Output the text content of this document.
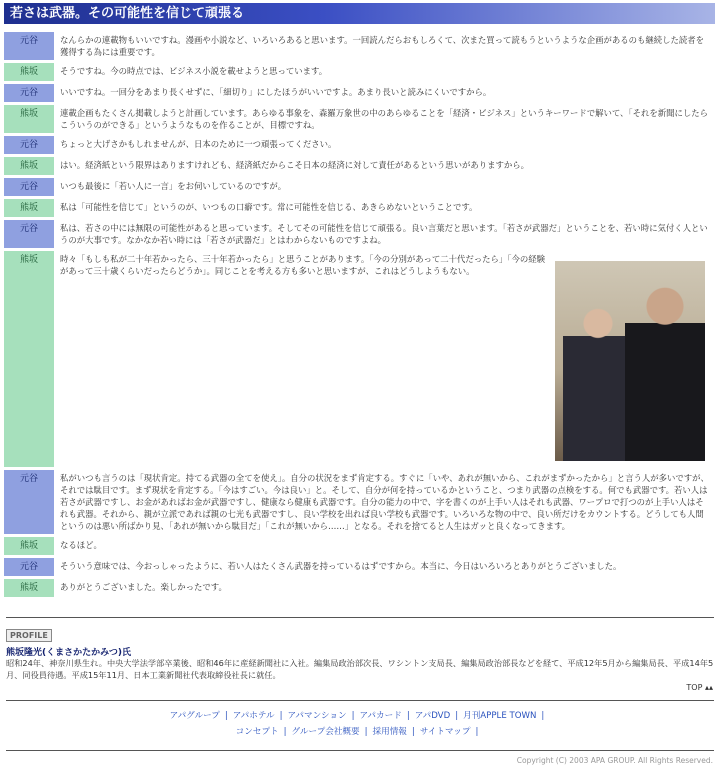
若さは武器。その可能性を信じて頑張る
元谷	なんらかの連載物もいいですね。漫画や小説など、いろいろあると思います。一回読んだらおもしろくて、次また買って読もうというような企画があるのも継続した読者を獲得する為には重要です。
熊坂	そうですね。今の時点では、ビジネス小説を載せようと思っています。
元谷	いいですね。一回分をあまり長くせずに、「細切り」にしたほうがいいですよ。あまり長いと読みにくいですから。
熊坂	連載企画もたくさん掲載しようと計画しています。あらゆる事象を、森羅万象世の中のあらゆることを「経済・ビジネス」というキーワードで解いて、「それを新聞にしたらこういうのができる」というようなものを作ることが、目標ですね。
元谷	ちょっと大げさかもしれませんが、日本のために一つ頑張ってください。
熊坂	はい。経済紙という限界はありますけれども、経済紙だからこそ日本の経済に対して責任があるという思いがありますから。
元谷	いつも最後に「若い人に一言」をお伺いしているのですが。
熊坂	私は「可能性を信じて」というのが、いつもの口癖です。常に可能性を信じる、あきらめないということです。
元谷	私は、若さの中には無限の可能性があると思っています。そしてその可能性を信じて頑張る。良い言葉だと思います。「若さが武器だ」ということを、若い時に気付く人というのが大事です。なかなか若い時には「若さが武器だ」とはわからないものですよね。
熊坂	時々「もしも私が二十年若かったら、三十年若かったら」と思うことがあります。「今の分別があって二十代だったら」「今の経験があって三十歳くらいだったらどうか」。同じことを考える方も多いと思いますが、これはどうしようもない。
元谷	私がいつも言うのは「現状肯定。持てる武器の全てを使え」。自分の状況をまず肯定する。すぐに「いや、あれが無いから、これがまずかったから」と言う人が多いですが、それでは駄目です。まず現状を肯定する。「今はすごい。今は良い」と。そして、自分が何を持っているかということ、つまり武器の点検をする。何でも武器です。若い人は若さが武器ですし、お金があればお金が武器ですし、健康なら健康も武器です。自分の能力の中で、字を書くのが上手い人はそれも武器、ワープロで打つのが上手い人はそれも武器。それから、親が立派であれば親の七光も武器ですし、良い学校を出れば良い学校も武器です。いろいろな物の中で、良い所だけをカウントする。どうしても人間というのは悪い所ばかり見、「あれが無いから駄目だ」「これが無いから……」となる。それを捨てると人生はガッと良くなってきます。
熊坂	なるほど。
元谷	そういう意味では、今おっしゃったように、若い人はたくさん武器を持っているはずですから。本当に、今日はいろいろとありがとうございました。
熊坂	ありがとうございました。楽しかったです。
PROFILE
熊坂隆光(くまさかたかみつ)氏
昭和24年、神奈川県生れ。中央大学法学部卒業後、昭和46年に産経新聞社に入社。編集局政治部次長、ワシントン支局長、編集局政治部長などを経て、平成12年5月から編集局長、平成14年5月、同役員待遇。平成15年11月、日本工業新聞社代表取締役社長に就任。
TOP ▴▴
アパグループ | アパホテル | アパマンション | アパカード | アパDVD | 月刊APPLE TOWN |
コンセプト | グループ会社概要 | 採用情報 | サイトマップ |
Copyright (C) 2003 APA GROUP. All Rights Reserved.
